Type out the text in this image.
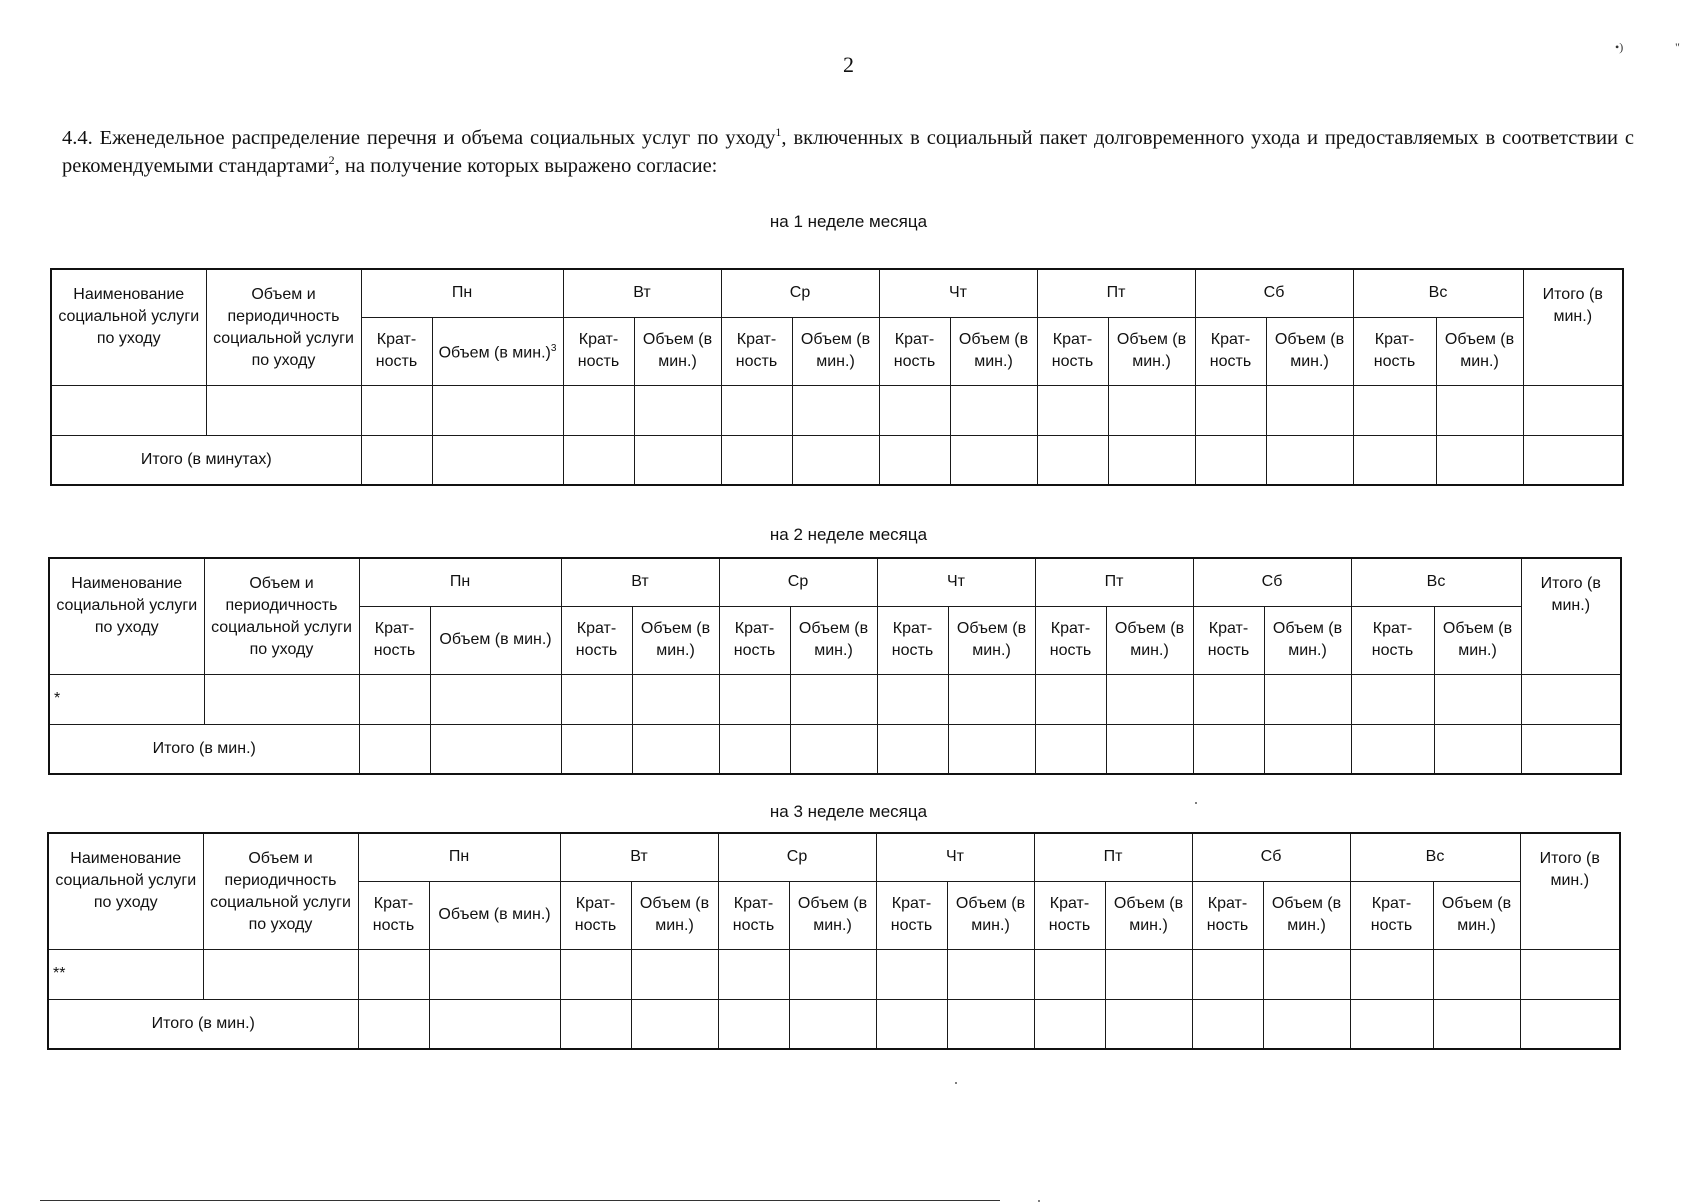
2
•)	"
4.4. Еженедельное распределение перечня и объема социальных услуг по уходу$^1$, включенных в социальный пакет долговременного ухода и предоставляемых в соответствии с рекомендуемыми стандартами$^2$, на получение которых выражено согласие:
на 1 неделе месяца
Наименование социальной услуги по уходу	Объем и периодичность социальной услуги по уходу	Пн		Вт		Ср		Чт		Пт		Сб		Вс		Итого (в мин.)
		Крат- ность	Объем (в мин.)$^3$	Крат- ность	Объем (в мин.)	Крат- ность	Объем (в мин.)	Крат- ность	Объем (в мин.)	Крат- ность	Объем (в мин.)	Крат- ность	Объем (в мин.)	Крат- ность	Объем (в мин.)	

Итого (в минутах)																
на 2 неделе месяца
Наименование социальной услуги по уходу	Объем и периодичность социальной услуги по уходу	Пн		Вт		Ср		Чт		Пт		Сб		Вс		Итого (в мин.)
		Крат- ность	Объем (в мин.)	Крат- ность	Объем (в мин.)	Крат- ность	Объем (в мин.)	Крат- ность	Объем (в мин.)	Крат- ность	Объем (в мин.)	Крат- ность	Объем (в мин.)	Крат- ность	Объем (в мин.)	
*																
Итого (в мин.)																
на 3 неделе месяца
Наименование социальной услуги по уходу	Объем и периодичность социальной услуги по уходу	Пн		Вт		Ср		Чт		Пт		Сб		Вс		Итого (в мин.)
		Крат- ность	Объем (в мин.)	Крат- ность	Объем (в мин.)	Крат- ность	Объем (в мин.)	Крат- ность	Объем (в мин.)	Крат- ность	Объем (в мин.)	Крат- ность	Объем (в мин.)	Крат- ность	Объем (в мин.)	
**																
Итого (в мин.)																
